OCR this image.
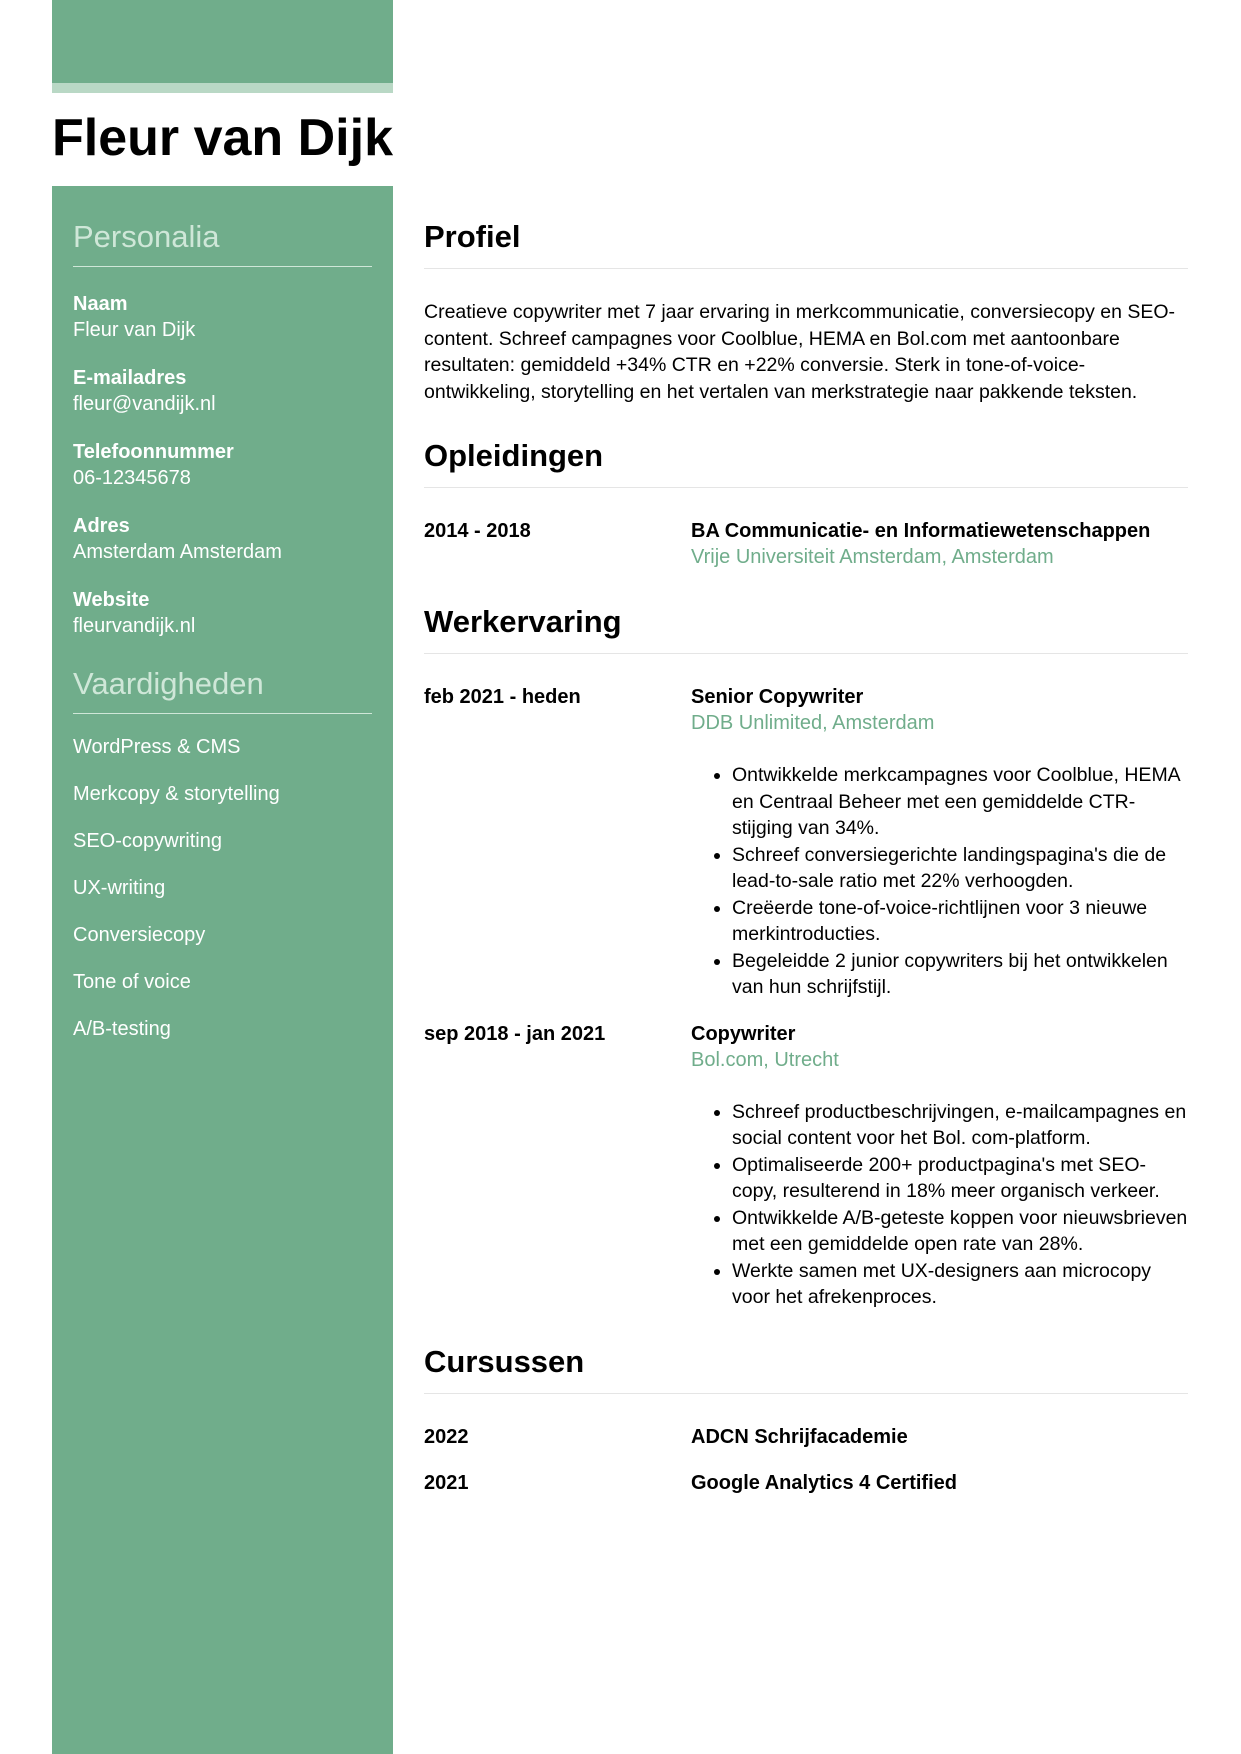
Fleur van Dijk
Personalia
Naam
Fleur van Dijk
E-mailadres
fleur@vandijk.nl
Telefoonnummer
06-12345678
Adres
Amsterdam Amsterdam
Website
fleurvandijk.nl
Vaardigheden
WordPress & CMS
Merkcopy & storytelling
SEO-copywriting
UX-writing
Conversiecopy
Tone of voice
A/B-testing
Profiel

Creatieve copywriter met 7 jaar ervaring in merkcommunicatie, conversiecopy en SEO-content. Schreef campagnes voor Coolblue, HEMA en Bol.com met aantoonbare resultaten: gemiddeld +34% CTR en +22% conversie. Sterk in tone-of-voice-ontwikkeling, storytelling en het vertalen van merkstrategie naar pakkende teksten.

Opleidingen
2014 - 2018	BA Communicatie- en Informatiewetenschappen
Vrije Universiteit Amsterdam, Amsterdam
Werkervaring
feb 2021 - heden	Senior Copywriter
DDB Unlimited, Amsterdam
• Ontwikkelde merkcampagnes voor Coolblue, HEMA en Centraal Beheer met een gemiddelde CTR-stijging van 34%.
• Schreef conversiegerichte landingspagina's die de lead-to-sale ratio met 22% verhoogden.
• Creëerde tone-of-voice-richtlijnen voor 3 nieuwe merkintroducties.
• Begeleidde 2 junior copywriters bij het ontwikkelen van hun schrijfstijl.
sep 2018 - jan 2021	Copywriter
Bol.com, Utrecht
• Schreef productbeschrijvingen, e-mailcampagnes en social content voor het Bol. com-platform.
• Optimaliseerde 200+ productpagina's met SEO-copy, resulterend in 18% meer organisch verkeer.
• Ontwikkelde A/B-geteste koppen voor nieuwsbrieven met een gemiddelde open rate van 28%.
• Werkte samen met UX-designers aan microcopy voor het afrekenproces.
Cursussen
2022	ADCN Schrijfacademie
2021	Google Analytics 4 Certified
